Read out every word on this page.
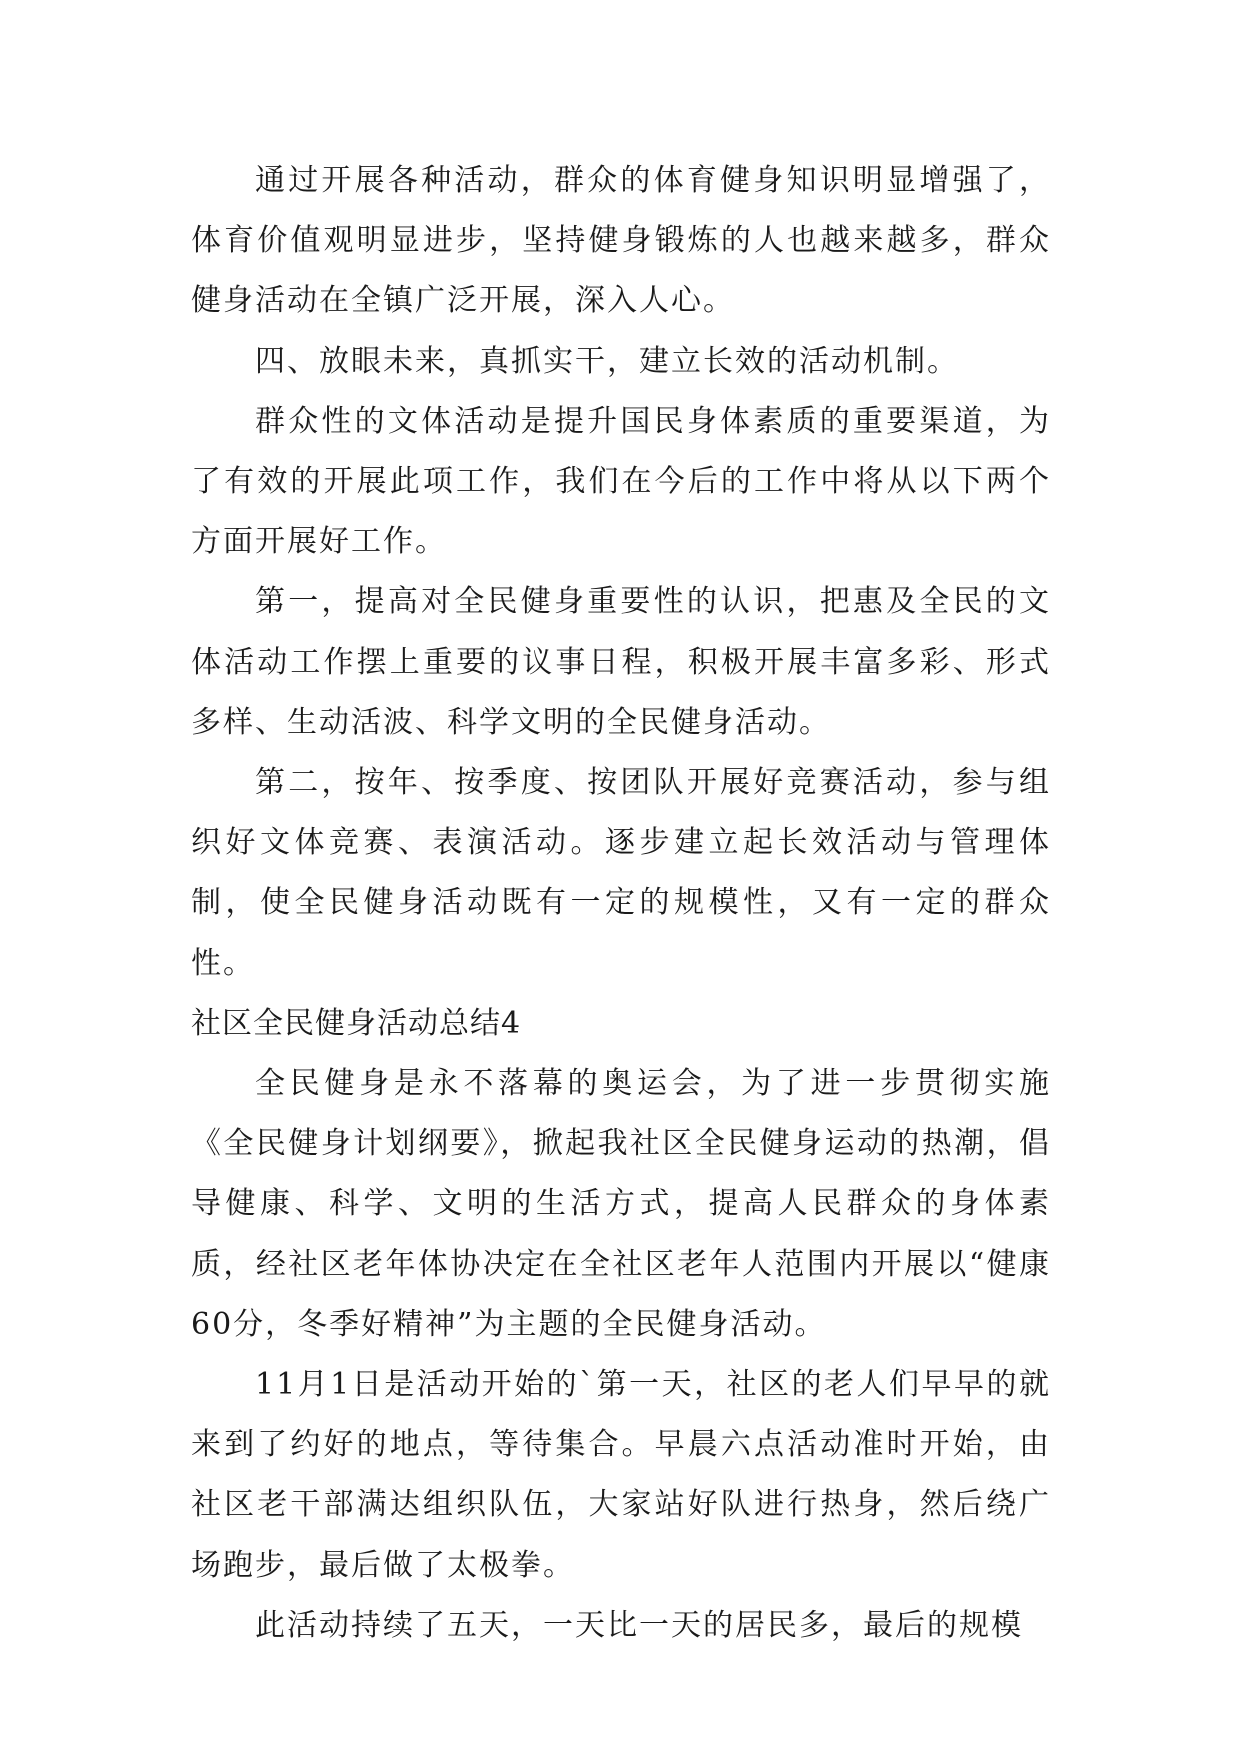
通过开展各种活动，群众的体育健身知识明显增强了，体育价值观明显进步，坚持健身锻炼的人也越来越多，群众健身活动在全镇广泛开展，深入人心。

四、放眼未来，真抓实干，建立长效的活动机制。

群众性的文体活动是提升国民身体素质的重要渠道，为了有效的开展此项工作，我们在今后的工作中将从以下两个方面开展好工作。

第一，提高对全民健身重要性的认识，把惠及全民的文体活动工作摆上重要的议事日程，积极开展丰富多彩、形式多样、生动活波、科学文明的全民健身活动。

第二，按年、按季度、按团队开展好竞赛活动，参与组织好文体竞赛、表演活动。逐步建立起长效活动与管理体制，使全民健身活动既有一定的规模性，又有一定的群众性。

社区全民健身活动总结4

全民健身是永不落幕的奥运会，为了进一步贯彻实施《全民健身计划纲要》，掀起我社区全民健身运动的热潮，倡导健康、科学、文明的生活方式，提高人民群众的身体素质，经社区老年体协决定在全社区老年人范围内开展以“健康60分，冬季好精神”为主题的全民健身活动。

11月1日是活动开始的`第一天，社区的老人们早早的就来到了约好的地点，等待集合。早晨六点活动准时开始，由社区老干部满达组织队伍，大家站好队进行热身，然后绕广场跑步，最后做了太极拳。

此活动持续了五天，一天比一天的居民多，最后的规模
